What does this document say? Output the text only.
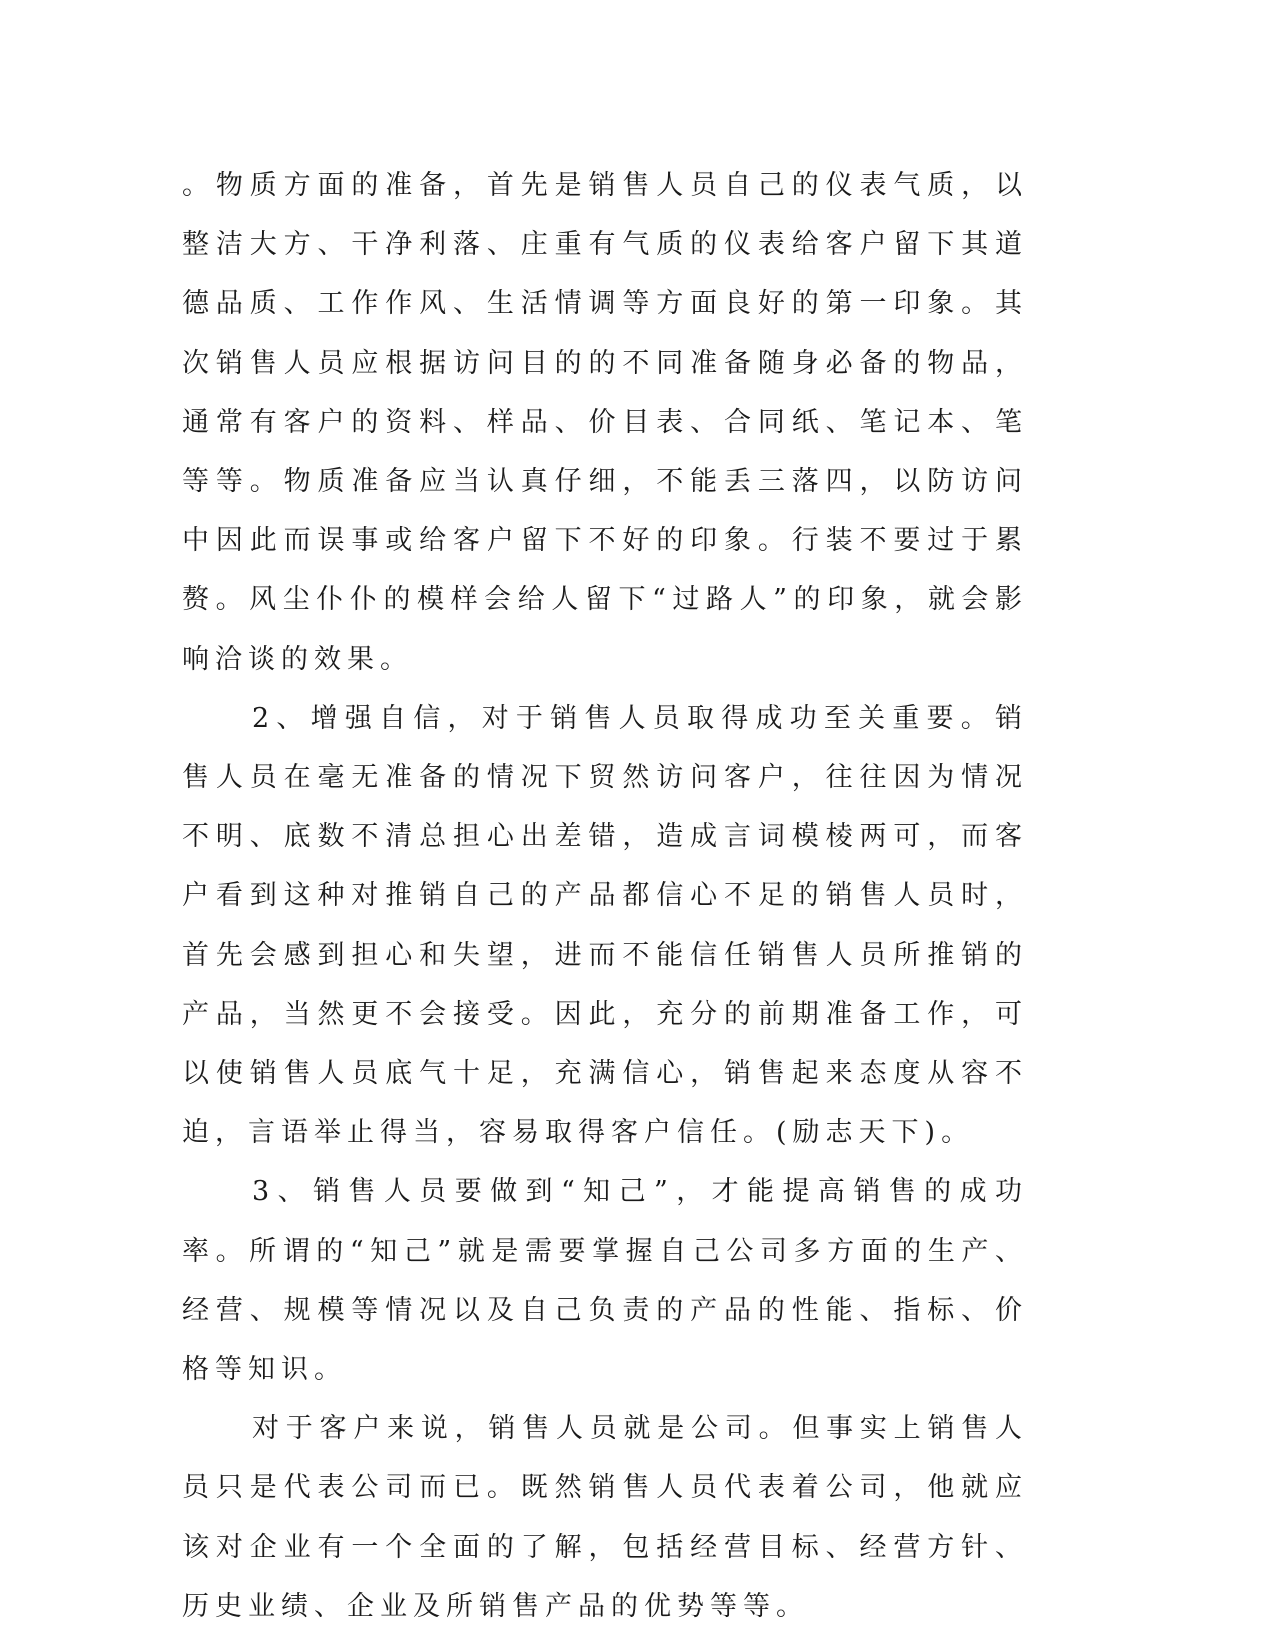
。物质方面的准备，首先是销售人员自己的仪表气质，以整洁大方、干净利落、庄重有气质的仪表给客户留下其道德品质、工作作风、生活情调等方面良好的第一印象。其次销售人员应根据访问目的的不同准备随身必备的物品，通常有客户的资料、样品、价目表、合同纸、笔记本、笔等等。物质准备应当认真仔细，不能丢三落四，以防访问中因此而误事或给客户留下不好的印象。行装不要过于累赘。风尘仆仆的模样会给人留下“过路人”的印象，就会影响洽谈的效果。

2、增强自信，对于销售人员取得成功至关重要。销售人员在毫无准备的情况下贸然访问客户，往往因为情况不明、底数不清总担心出差错，造成言词模棱两可，而客户看到这种对推销自己的产品都信心不足的销售人员时，首先会感到担心和失望，进而不能信任销售人员所推销的产品，当然更不会接受。因此，充分的前期准备工作，可以使销售人员底气十足，充满信心，销售起来态度从容不迫，言语举止得当，容易取得客户信任。(励志天下)。

3、销售人员要做到“知己”，才能提高销售的成功率。所谓的“知己”就是需要掌握自己公司多方面的生产、经营、规模等情况以及自己负责的产品的性能、指标、价格等知识。

对于客户来说，销售人员就是公司。但事实上销售人员只是代表公司而已。既然销售人员代表着公司，他就应该对企业有一个全面的了解，包括经营目标、经营方针、历史业绩、企业及所销售产品的优势等等。
